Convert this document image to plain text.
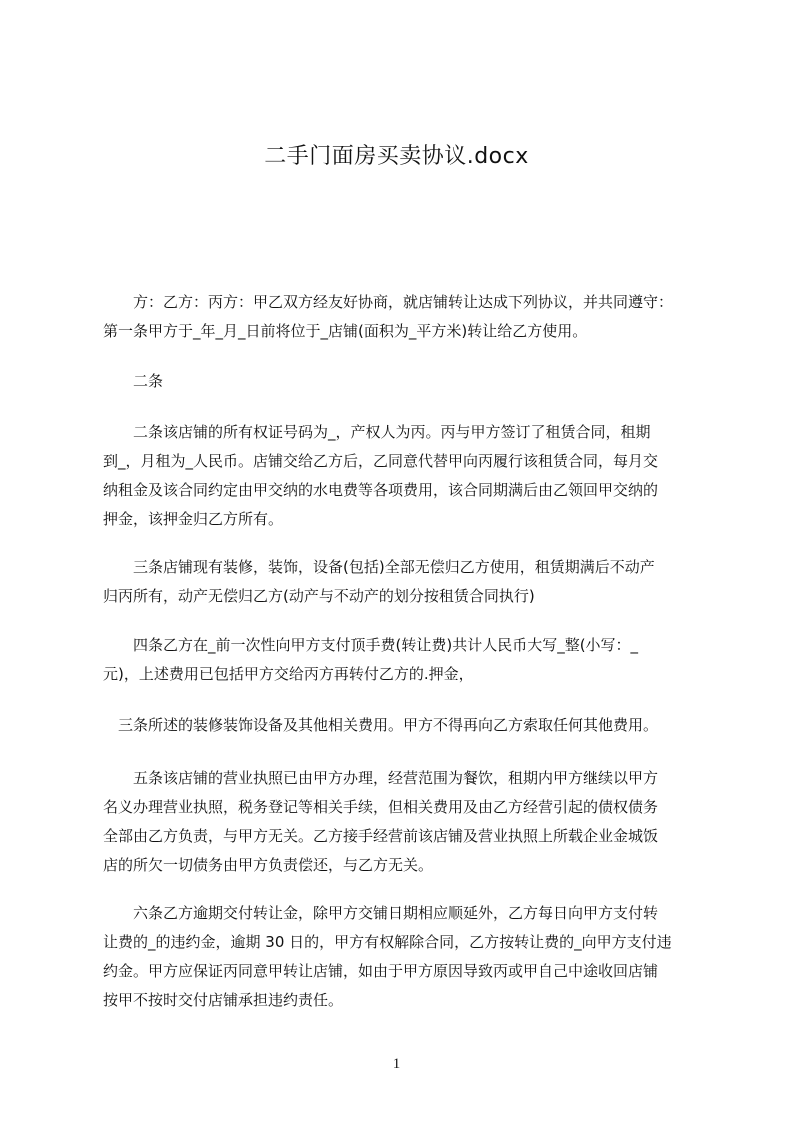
二手门面房买卖协议.docx

　　方：乙方：丙方：甲乙双方经友好协商，就店铺转让达成下列协议，并共同遵守：
第一条甲方于_年_月_日前将位于_店铺(面积为_平方米)转让给乙方使用。

　　二条

　　二条该店铺的所有权证号码为_，产权人为丙。丙与甲方签订了租赁合同，租期
到_，月租为_人民币。店铺交给乙方后，乙同意代替甲向丙履行该租赁合同，每月交
纳租金及该合同约定由甲交纳的水电费等各项费用，该合同期满后由乙领回甲交纳的
押金，该押金归乙方所有。

　　三条店铺现有装修，装饰，设备(包括)全部无偿归乙方使用，租赁期满后不动产
归丙所有，动产无偿归乙方(动产与不动产的划分按租赁合同执行)

　　四条乙方在_前一次性向甲方支付顶手费(转让费)共计人民币大写_整(小写：_
元)，上述费用已包括甲方交给丙方再转付乙方的.押金，

　三条所述的装修装饰设备及其他相关费用。甲方不得再向乙方索取任何其他费用。

　　五条该店铺的营业执照已由甲方办理，经营范围为餐饮，租期内甲方继续以甲方
名义办理营业执照，税务登记等相关手续，但相关费用及由乙方经营引起的债权债务
全部由乙方负责，与甲方无关。乙方接手经营前该店铺及营业执照上所载企业金城饭
店的所欠一切债务由甲方负责偿还，与乙方无关。

　　六条乙方逾期交付转让金，除甲方交铺日期相应顺延外，乙方每日向甲方支付转
让费的_的违约金，逾期 30 日的，甲方有权解除合同，乙方按转让费的_向甲方支付违
约金。甲方应保证丙同意甲转让店铺，如由于甲方原因导致丙或甲自己中途收回店铺
按甲不按时交付店铺承担违约责任。

1
